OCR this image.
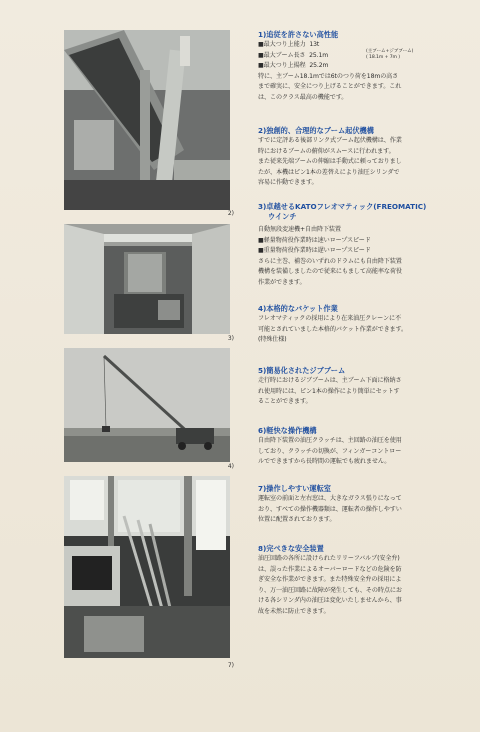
2)
3)
4)
7)
1)追従を許さない高性能
■最大つり上能力 13t
■最大ブーム長さ 25.1m
(主ブーム+ジブブーム)
( 18.1m + 7m )
■最大つり上揚程 25.2m
特に、主ブーム18.1mでは6tのつり荷を18mの高さ
まで確実に、安全につり上げることができます。これ
は、このクラス最高の機能です。
2)独創的、合理的なブーム起伏機構
すでに定評ある後部リンク式ブーム起伏機構は、作業
時におけるブームの俯仰がスムースに行われます。
また従来先端ブームの伸縮は手動式に頼っておりまし
たが、本機はピン1本の差替えにより油圧シリンダで
容易に作動できます。
3)卓越せるKATOフレオマティック(FREOMATIC)
ウインチ
自動無段変速機+自由降下装置
■軽量物荷役作業時は速いロープスピード
■重量物荷役作業時は遅いロープスピード
さらに主巻、補巻のいずれのドラムにも自由降下装置
機構を装備しましたので従来にもまして高能率な荷役
作業ができます。
4)本格的なバケット作業
フレオマティックの採用により在来油圧クレーンに不
可能とされていました本格的バケット作業ができます。
(特殊仕様)
5)簡易化されたジブブーム
走行時におけるジブブームは、主ブーム下面に格納さ
れ使用時には、ピン1本の操作により簡単にセットす
ることができます。
6)軽快な操作機構
自由降下装置の油圧クラッチは、主回路の油圧を使用
しており、クラッチの切換が、フィンガーコントロー
ルでできますから長時間の運転でも疲れません。
7)操作しやすい運転室
運転室の前面と左右窓は、大きなガラス張りになって
おり、すべての操作機器類は、運転者の操作しやすい
位置に配置されております。
8)完ぺきな安全装置
油圧回路の各所に設けられたリリーフバルブ(安全弁)
は、誤った作業によるオーバーロードなどの危険を防
ぎ安全な作業ができます。また特殊安全弁の採用によ
り、万一油圧回路に故障が発生しても、その時点にお
ける各シリンダ内の油圧は変化いたしませんから、事
故を未然に防止できます。
